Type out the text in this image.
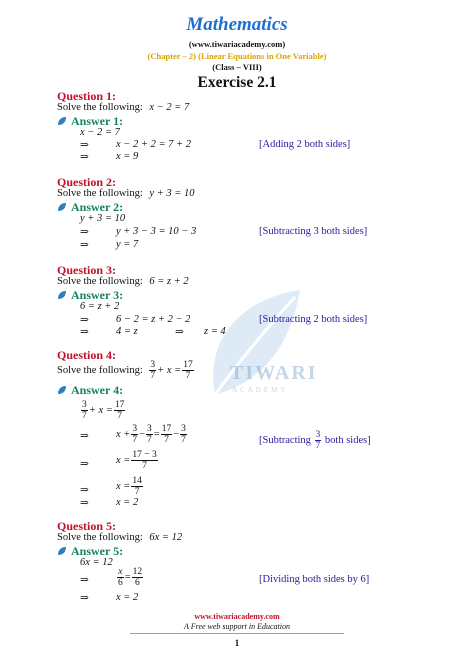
Mathematics
(www.tiwariacademy.com)
(Chapter – 2) (Linear Equations in One Variable)
(Class – VIII)
Exercise 2.1
TIWARI
ACADEMY
Question 1:
Solve the following: x − 2 = 7
Answer 1:
x − 2 = 7
⇒	x − 2 + 2 = 7 + 2	[Adding 2 both sides]
⇒	x = 9
Question 2:
Solve the following: y + 3 = 10
Answer 2:
y + 3 = 10
⇒	y + 3 − 3 = 10 − 3	[Subtracting 3 both sides]
⇒	y = 7
Question 3:
Solve the following: 6 = z + 2
Answer 3:
6 = z + 2
⇒	6 − 2 = z + 2 − 2	[Subtracting 2 both sides]
⇒	4 = z	⇒ z = 4
Question 4:
Solve the following: $\frac{3}{7} + x = \frac{17}{7}$
Answer 4:
$\frac{3}{7} + x = \frac{17}{7}$
⇒	$x + \frac{3}{7} - \frac{3}{7} = \frac{17}{7} - \frac{3}{7}$	[Subtracting $\frac{3}{7}$ both sides]
⇒	$x = \frac{17 - 3}{7}$
⇒	$x = \frac{14}{7}$
⇒	x = 2
Question 5:
Solve the following: 6x = 12
Answer 5:
6x = 12
⇒	$\frac{x}{6} = \frac{12}{6}$	[Dividing both sides by 6]
⇒	x = 2
www.tiwariacademy.com
A Free web support in Education
1
